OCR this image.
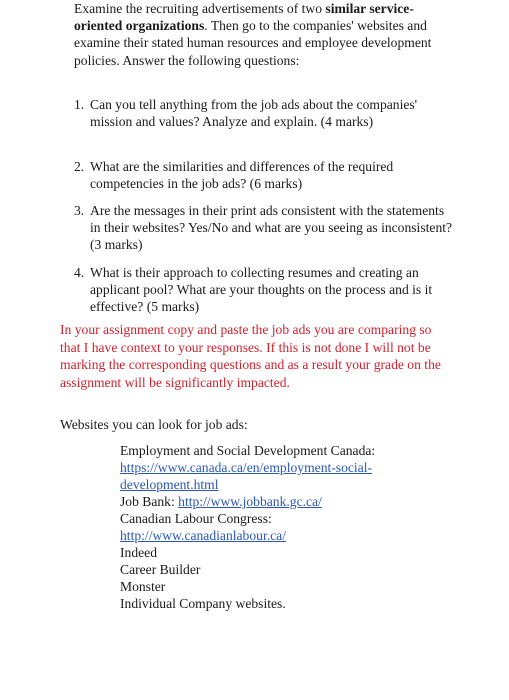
Examine the recruiting advertisements of two similar service-oriented organizations. Then go to the companies' websites and examine their stated human resources and employee development policies. Answer the following questions:

1. Can you tell anything from the job ads about the companies' mission and values? Analyze and explain. (4 marks)
2. What are the similarities and differences of the required competencies in the job ads? (6 marks)
3. Are the messages in their print ads consistent with the statements in their websites? Yes/No and what are you seeing as inconsistent? (3 marks)
4. What is their approach to collecting resumes and creating an applicant pool? What are your thoughts on the process and is it effective? (5 marks)

In your assignment copy and paste the job ads you are comparing so that I have context to your responses. If this is not done I will not be marking the corresponding questions and as a result your grade on the assignment will be significantly impacted.

Websites you can look for job ads:

Employment and Social Development Canada:
https://www.canada.ca/en/employment-social-development.html
Job Bank: http://www.jobbank.gc.ca/
Canadian Labour Congress:
http://www.canadianlabour.ca/
Indeed
Career Builder
Monster
Individual Company websites.
